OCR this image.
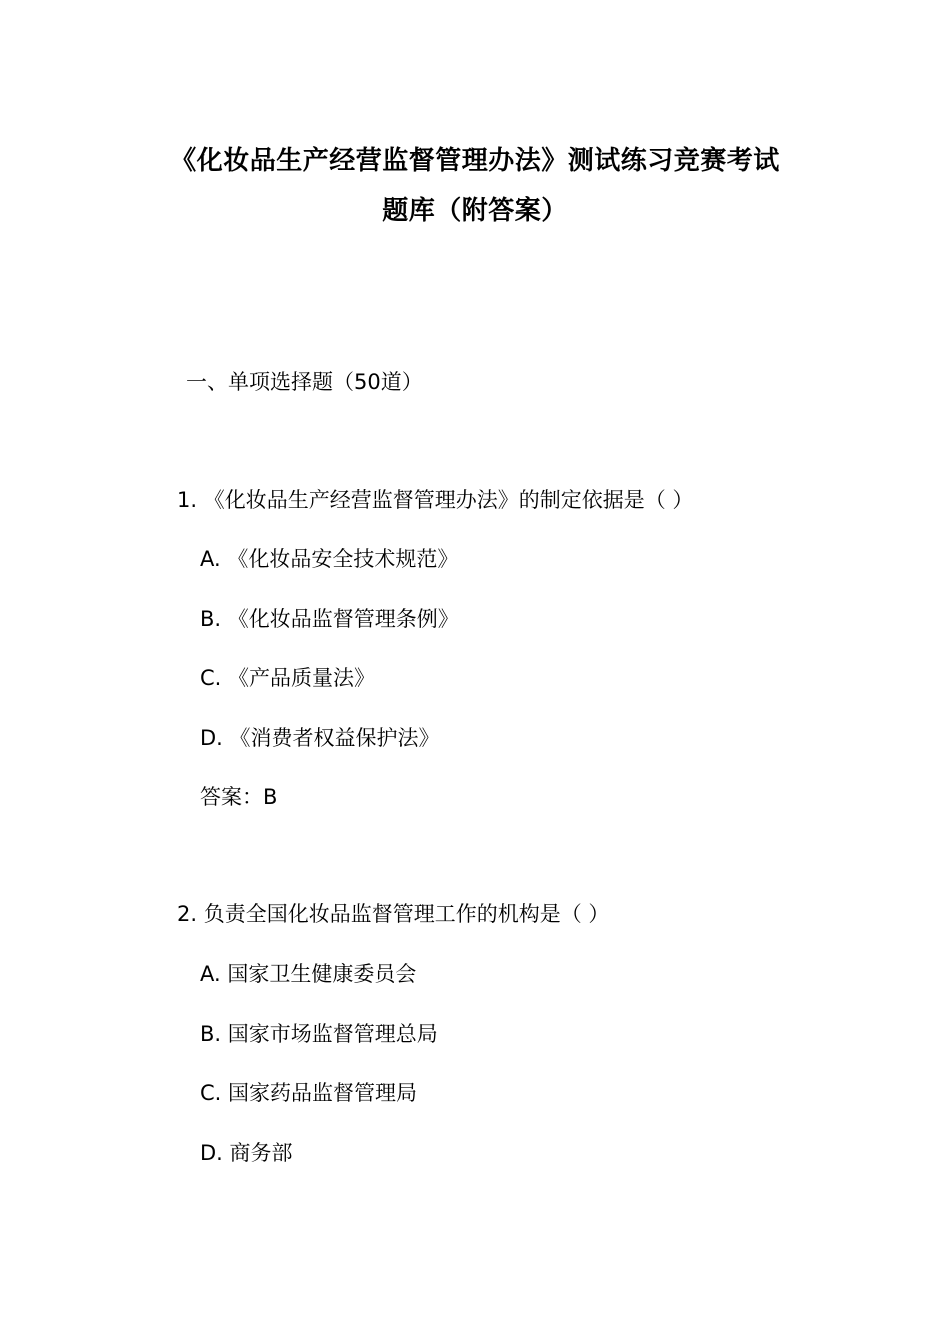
《化妆品生产经营监督管理办法》测试练习竞赛考试
题库（附答案）
一、单项选择题（50道）
1. 《化妆品生产经营监督管理办法》的制定依据是（ ）
A. 《化妆品安全技术规范》
B. 《化妆品监督管理条例》
C. 《产品质量法》
D. 《消费者权益保护法》
答案：B
2. 负责全国化妆品监督管理工作的机构是（ ）
A. 国家卫生健康委员会
B. 国家市场监督管理总局
C. 国家药品监督管理局
D. 商务部
